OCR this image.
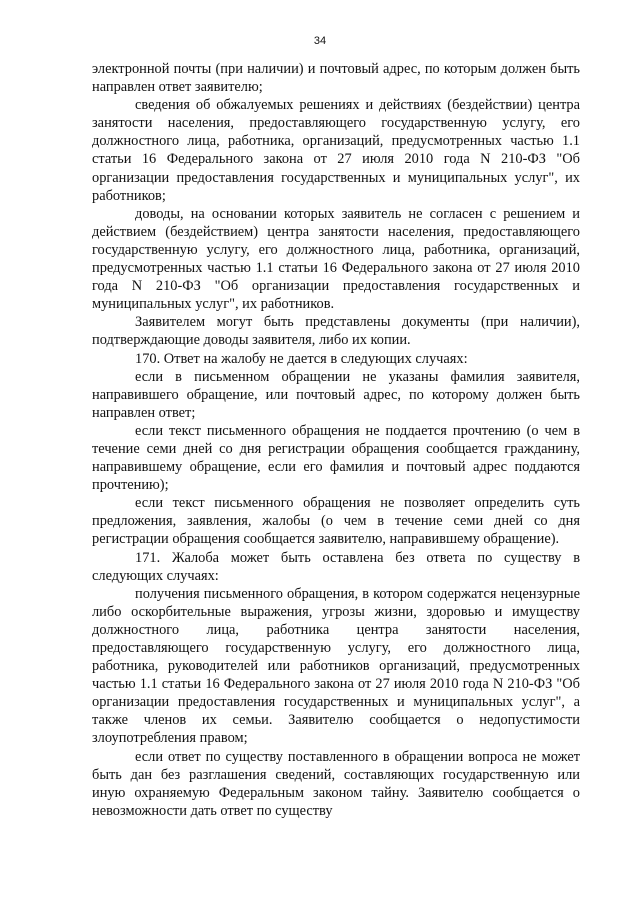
34

электронной почты (при наличии) и почтовый адрес, по которым должен быть направлен ответ заявителю;

сведения об обжалуемых решениях и действиях (бездействии) центра занятости населения, предоставляющего государственную услугу, его должностного лица, работника, организаций, предусмотренных частью 1.1 статьи 16 Федерального закона от 27 июля 2010 года N 210-ФЗ "Об организации предоставления государственных и муниципальных услуг", их работников;

доводы, на основании которых заявитель не согласен с решением и действием (бездействием) центра занятости населения, предоставляющего государственную услугу, его должностного лица, работника, организаций, предусмотренных частью 1.1 статьи 16 Федерального закона от 27 июля 2010 года N 210-ФЗ "Об организации предоставления государственных и муниципальных услуг", их работников.

Заявителем могут быть представлены документы (при наличии), подтверждающие доводы заявителя, либо их копии.

170. Ответ на жалобу не дается в следующих случаях:

если в письменном обращении не указаны фамилия заявителя, направившего обращение, или почтовый адрес, по которому должен быть направлен ответ;

если текст письменного обращения не поддается прочтению (о чем в течение семи дней со дня регистрации обращения сообщается гражданину, направившему обращение, если его фамилия и почтовый адрес поддаются прочтению);

если текст письменного обращения не позволяет определить суть предложения, заявления, жалобы (о чем в течение семи дней со дня регистрации обращения сообщается заявителю, направившему обращение).

171. Жалоба может быть оставлена без ответа по существу в следующих случаях:

получения письменного обращения, в котором содержатся нецензурные либо оскорбительные выражения, угрозы жизни, здоровью и имуществу должностного лица, работника центра занятости населения, предоставляющего государственную услугу, его должностного лица, работника, руководителей или работников организаций, предусмотренных частью 1.1 статьи 16 Федерального закона от 27 июля 2010 года N 210-ФЗ "Об организации предоставления государственных и муниципальных услуг", а также членов их семьи. Заявителю сообщается о недопустимости злоупотребления правом;

если ответ по существу поставленного в обращении вопроса не может быть дан без разглашения сведений, составляющих государственную или иную охраняемую Федеральным законом тайну. Заявителю сообщается о невозможности дать ответ по существу
